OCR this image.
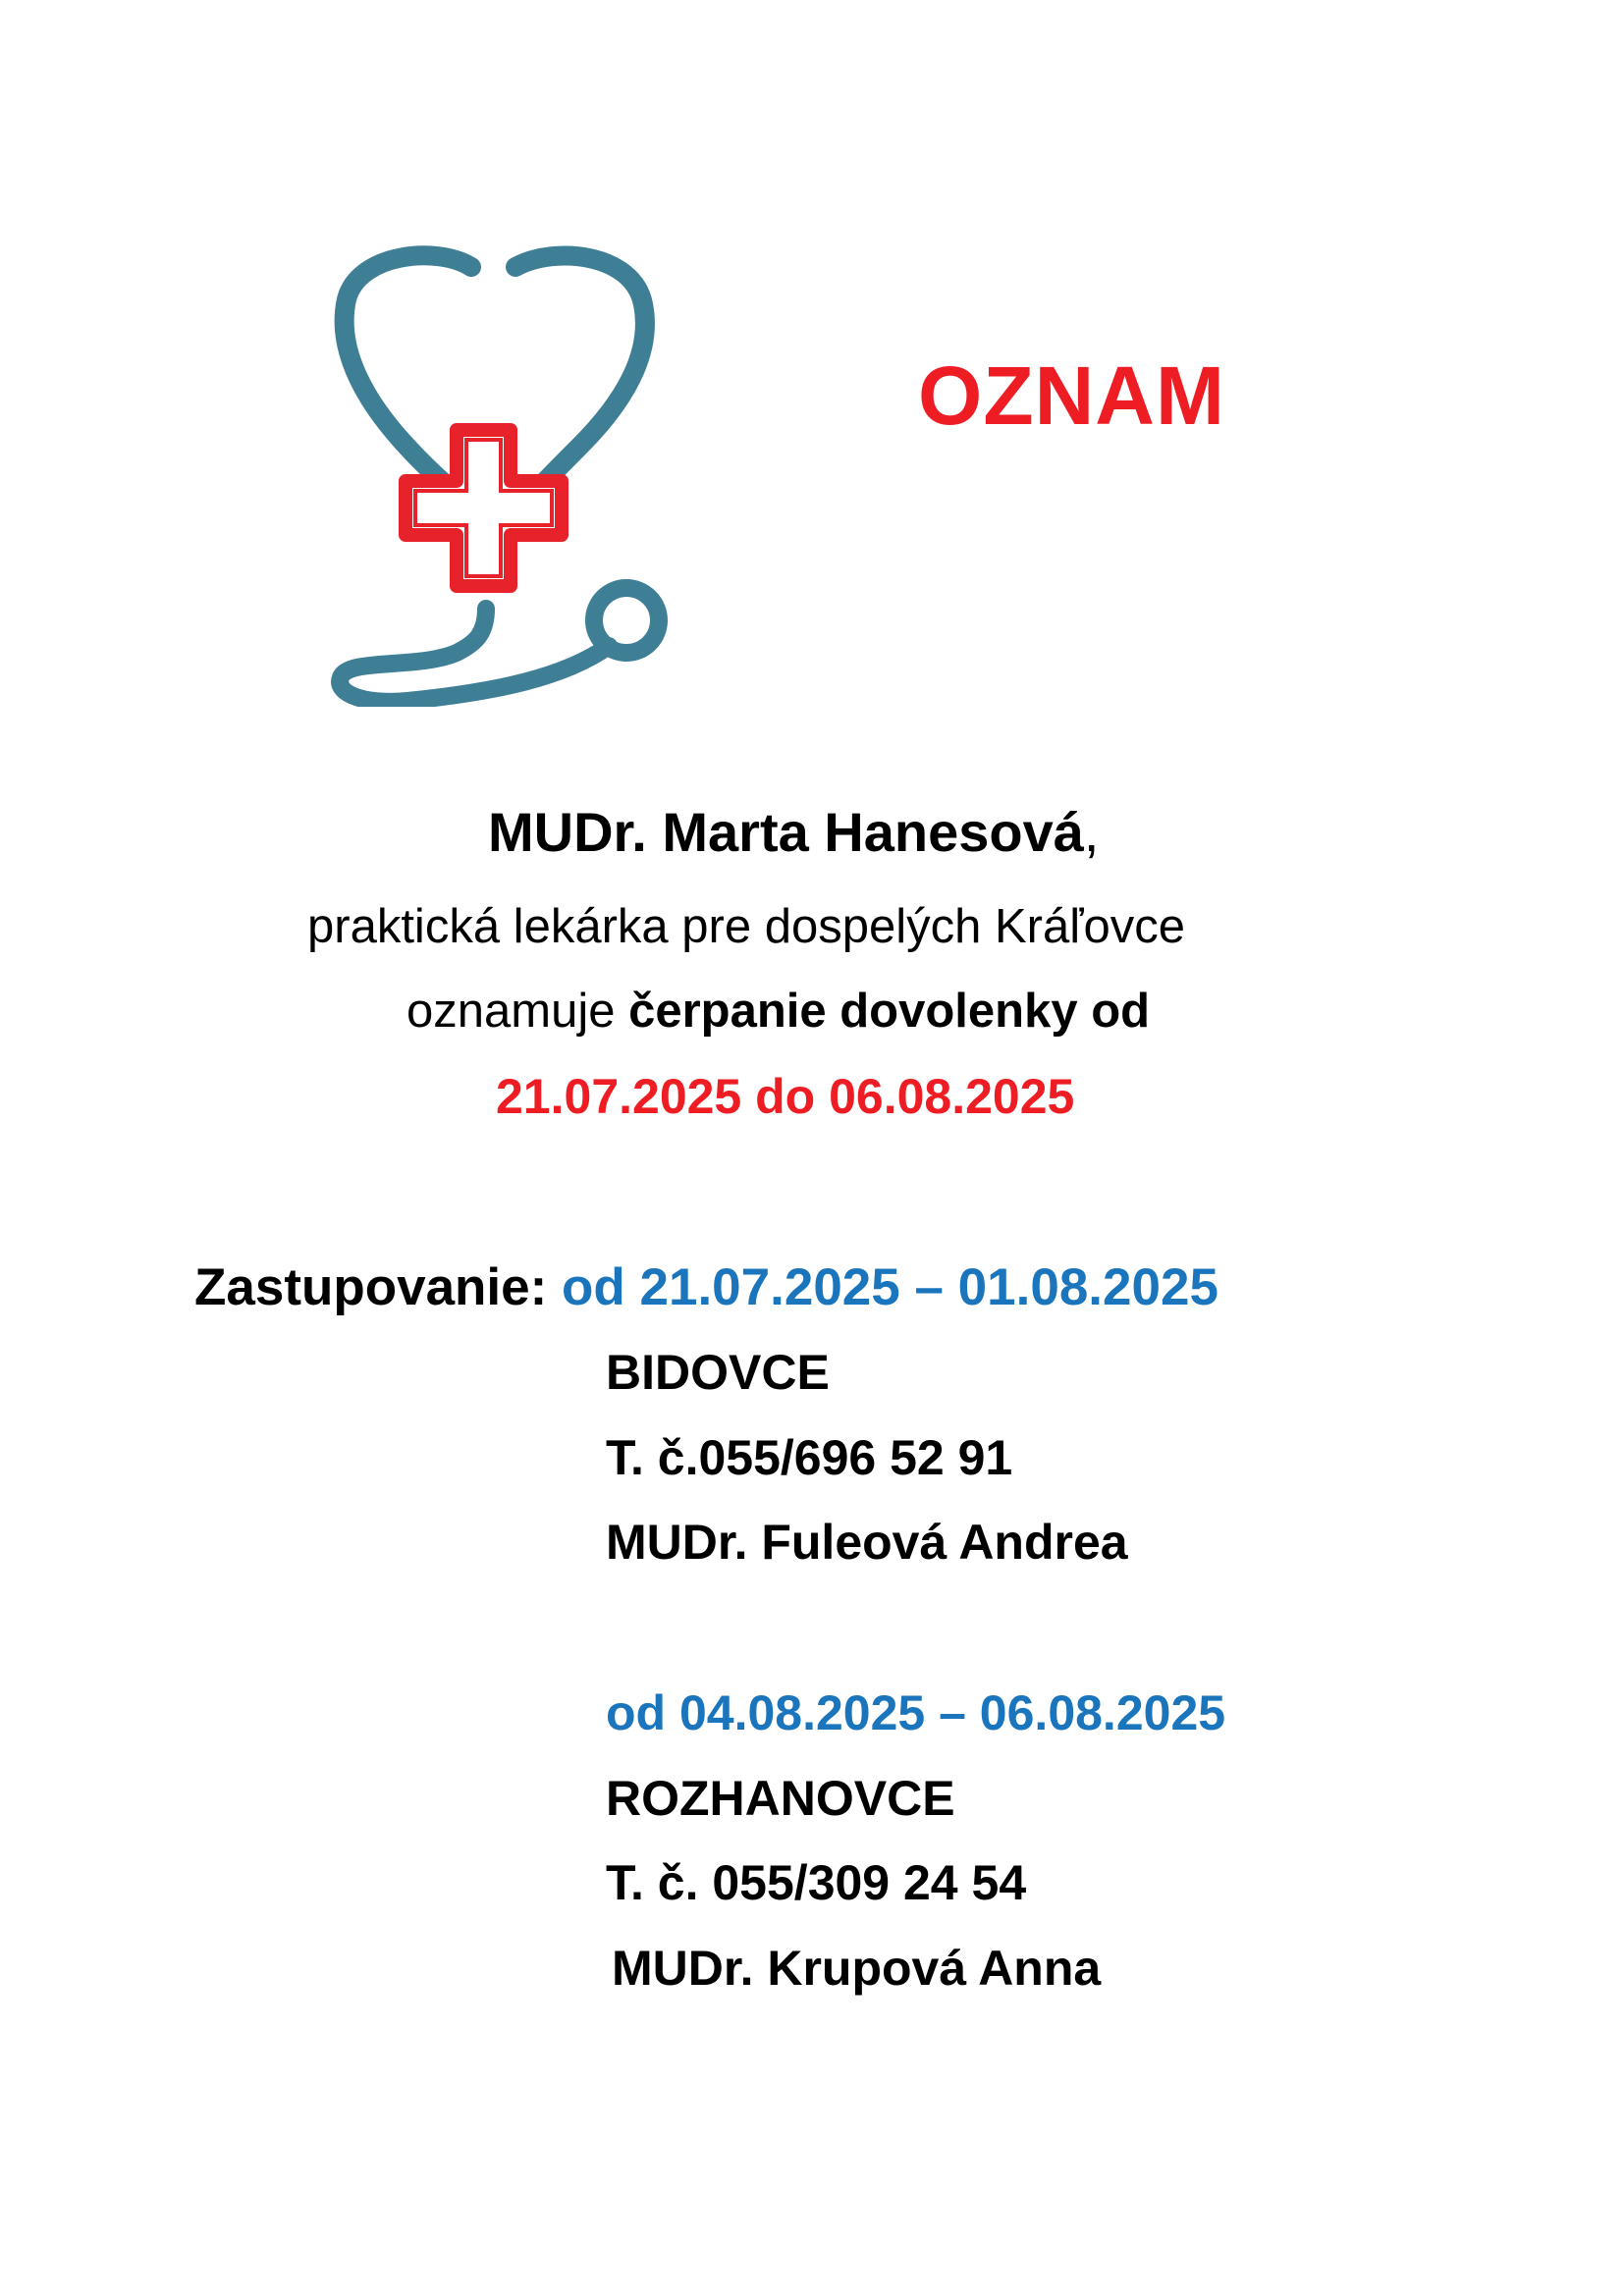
OZNAM
MUDr. Marta Hanesová,
praktická lekárka pre dospelých Kráľovce
oznamuje čerpanie dovolenky od
21.07.2025 do 06.08.2025
Zastupovanie: od 21.07.2025 – 01.08.2025
BIDOVCE
T. č.055/696 52 91
MUDr. Fuleová Andrea
od 04.08.2025 – 06.08.2025
ROZHANOVCE
T. č. 055/309 24 54
MUDr. Krupová Anna
